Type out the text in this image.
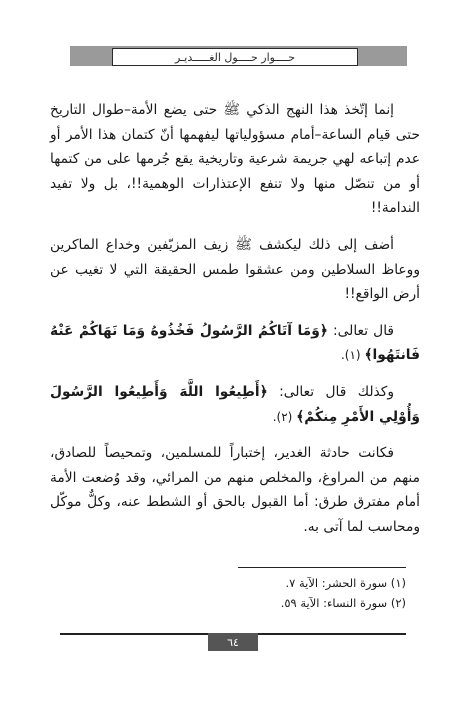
حــــوار حــــول الغـــــديـر

إنما إتّخذ هذا النهج الذكي ﷺ حتى يضع الأمة–طوال التاريخ حتى قيام الساعة–أمام مسؤولياتها ليفهمها أنّ كتمان هذا الأمر أو عدم إتباعه لهي جريمة شرعية وتاريخية يقع جُرمها على من كتمها أو من تنصّل منها ولا تنفع الإعتذارات الوهمية!!، بل ولا تفيد الندامة!!

أضف إلى ذلك ليكشف ﷺ زيف المزيّفين وخداع الماكرين ووعاظ السلاطين ومن عشقوا طمس الحقيقة التي لا تغيب عن أرض الواقع!!

قال تعالى: ﴿وَمَا آتَاكُمُ الرَّسُولُ فَخُذُوهُ وَمَا نَهَاكُمْ عَنْهُ فَانتَهُوا﴾ (١).

وكذلك قال تعالى: ﴿أَطِيعُوا اللَّهَ وَأَطِيعُوا الرَّسُولَ وَأُوْلِي الأَمْرِ مِنكُمْ﴾ (٢).

فكانت حادثة الغدير، إختباراً للمسلمين، وتمحيصاً للصادق، منهم من المراوغ، والمخلص منهم من المرائي، وقد وُضعت الأمة أمام مفترق طرق: أما القبول بالحق أو الشطط عنه، وكلٌّ موكّل ومحاسب لما آتى به.

(١) سورة الحشر: الآية ٧.

(٢) سورة النساء: الآية ٥٩.

٦٤
